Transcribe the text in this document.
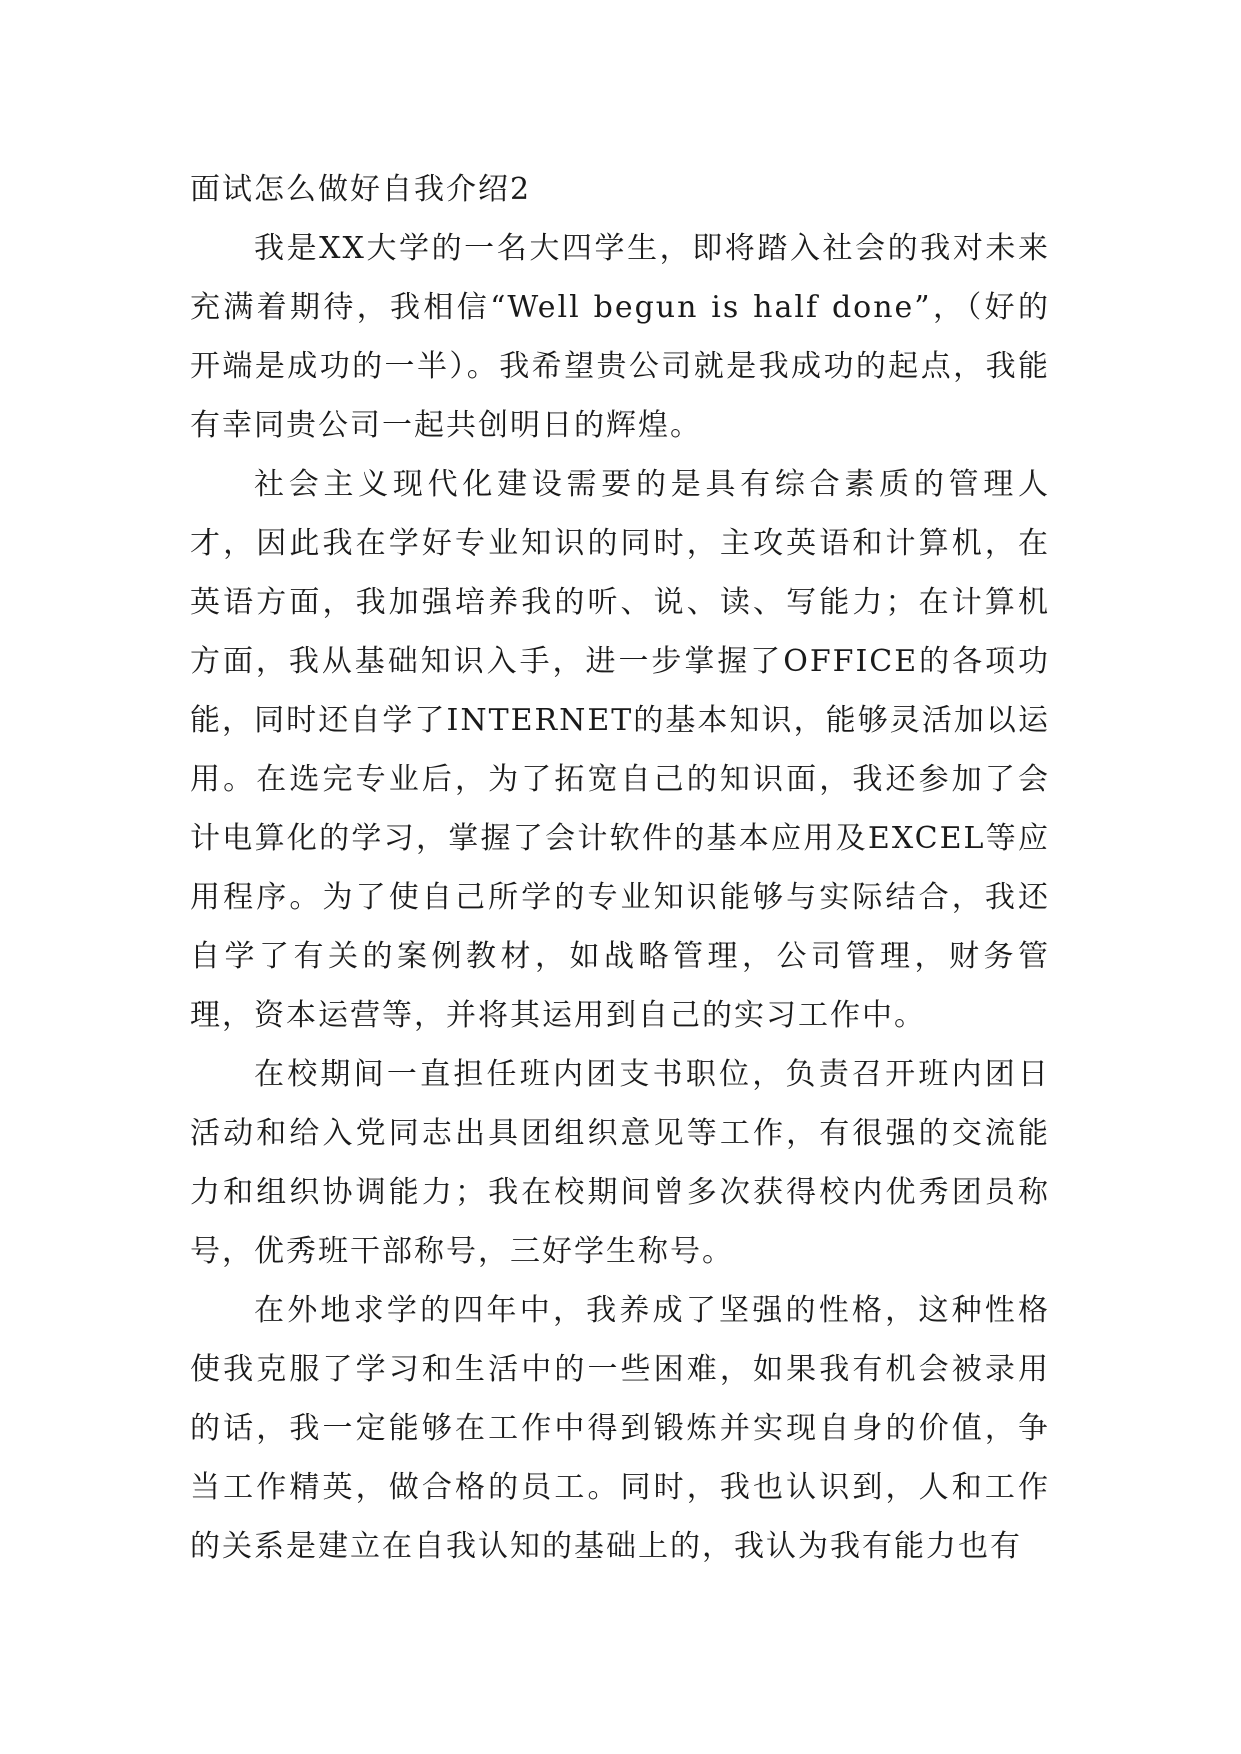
面试怎么做好自我介绍2

我是XX大学的一名大四学生，即将踏入社会的我对未来充满着期待，我相信“Well begun is half done”，（好的开端是成功的一半）。我希望贵公司就是我成功的起点，我能有幸同贵公司一起共创明日的辉煌。

社会主义现代化建设需要的是具有综合素质的管理人才，因此我在学好专业知识的同时，主攻英语和计算机，在英语方面，我加强培养我的听、说、读、写能力；在计算机方面，我从基础知识入手，进一步掌握了OFFICE的各项功能，同时还自学了INTERNET的基本知识，能够灵活加以运用。在选完专业后，为了拓宽自己的知识面，我还参加了会计电算化的学习，掌握了会计软件的基本应用及EXCEL等应用程序。为了使自己所学的专业知识能够与实际结合，我还自学了有关的案例教材，如战略管理，公司管理，财务管理，资本运营等，并将其运用到自己的实习工作中。

在校期间一直担任班内团支书职位，负责召开班内团日活动和给入党同志出具团组织意见等工作，有很强的交流能力和组织协调能力；我在校期间曾多次获得校内优秀团员称号，优秀班干部称号，三好学生称号。

在外地求学的四年中，我养成了坚强的性格，这种性格使我克服了学习和生活中的一些困难，如果我有机会被录用的话，我一定能够在工作中得到锻炼并实现自身的价值，争当工作精英，做合格的员工。同时，我也认识到，人和工作的关系是建立在自我认知的基础上的，我认为我有能力也有
